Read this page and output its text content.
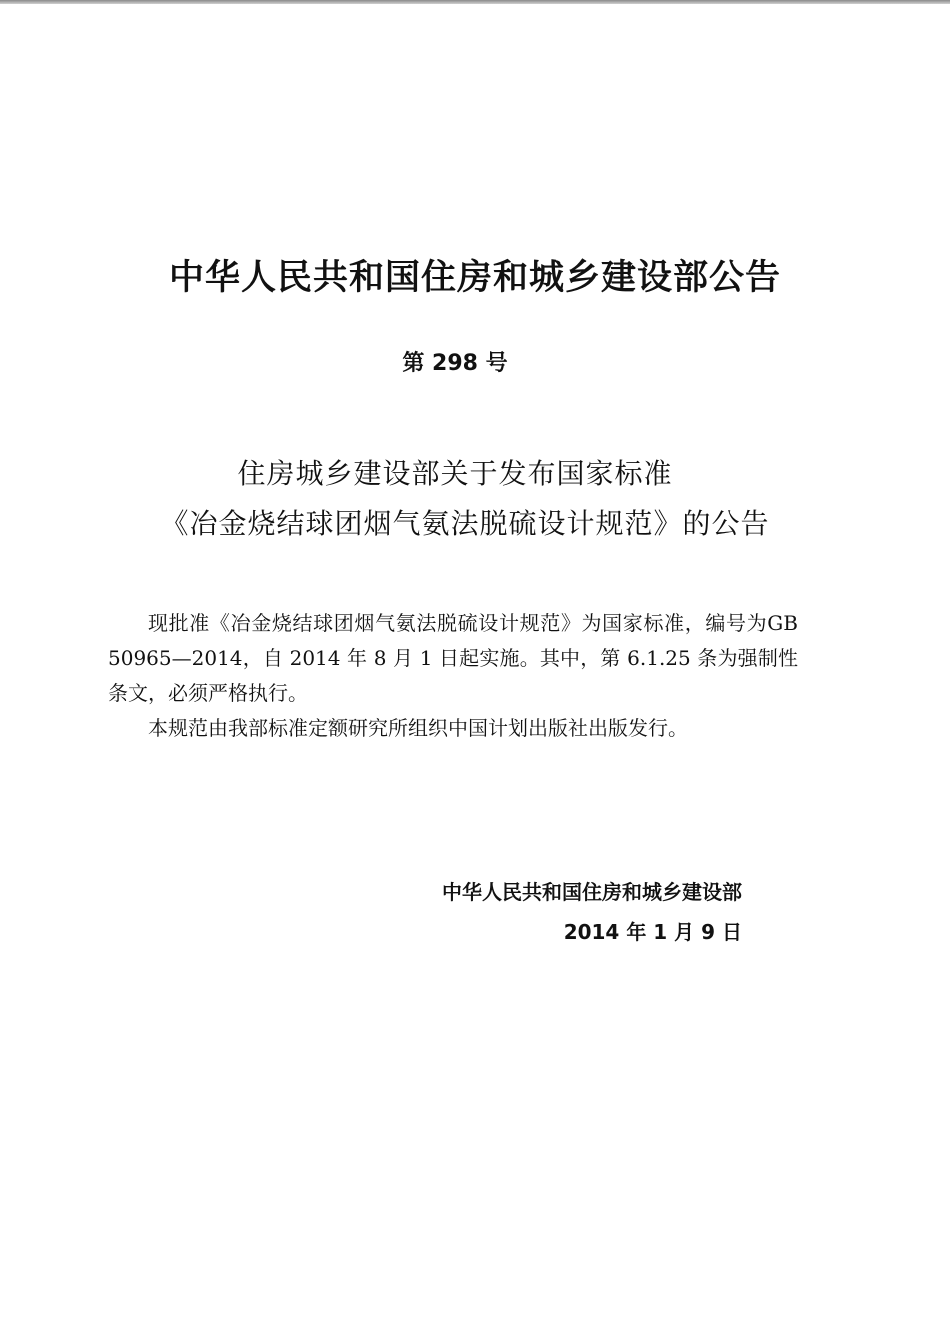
中华人民共和国住房和城乡建设部公告
第 298 号
住房城乡建设部关于发布国家标准
《冶金烧结球团烟气氨法脱硫设计规范》的公告

现批准《冶金烧结球团烟气氨法脱硫设计规范》为国家标准，编号为GB 50965—2014，自 2014 年 8 月 1 日起实施。其中，第 6.1.25 条为强制性条文，必须严格执行。

本规范由我部标准定额研究所组织中国计划出版社出版发行。

中华人民共和国住房和城乡建设部
2014 年 1 月 9 日
